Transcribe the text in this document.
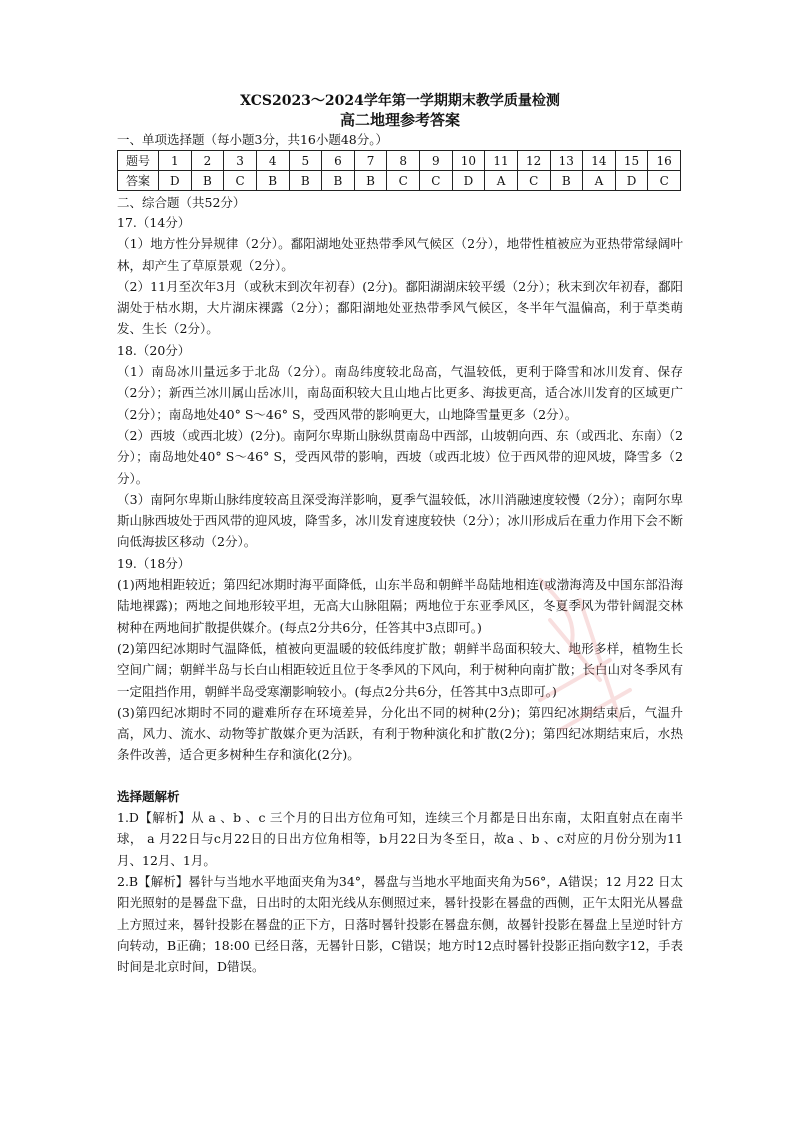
XCS2023～2024学年第一学期期末教学质量检测
高二地理参考答案
一、单项选择题（每小题3分，共16小题48分。）
题号	1	2	3	4	5	6	7	8	9	10	11	12	13	14	15	16
答案	D	B	C	B	B	B	B	C	C	D	A	C	B	A	D	C
二、综合题（共52分）
17.（14分）
（1）地方性分异规律（2分）。鄱阳湖地处亚热带季风气候区（2分），地带性植被应为亚热带常绿阔叶林，却产生了草原景观（2分）。
（2）11月至次年3月（或秋末到次年初春）(2分)。鄱阳湖湖床较平缓（2分）；秋末到次年初春，鄱阳湖处于枯水期，大片湖床裸露（2分）；鄱阳湖地处亚热带季风气候区，冬半年气温偏高，利于草类萌发、生长（2分）。
18.（20分）
（1）南岛冰川量远多于北岛（2分）。南岛纬度较北岛高，气温较低，更利于降雪和冰川发育、保存（2分）；新西兰冰川属山岳冰川，南岛面积较大且山地占比更多、海拔更高，适合冰川发育的区域更广（2分）；南岛地处40° S～46° S，受西风带的影响更大，山地降雪量更多（2分）。
（2）西坡（或西北坡）(2分)。南阿尔卑斯山脉纵贯南岛中西部，山坡朝向西、东（或西北、东南）（2分）；南岛地处40° S～46° S，受西风带的影响，西坡（或西北坡）位于西风带的迎风坡，降雪多（2分）。
（3）南阿尔卑斯山脉纬度较高且深受海洋影响，夏季气温较低，冰川消融速度较慢（2分）；南阿尔卑斯山脉西坡处于西风带的迎风坡，降雪多，冰川发育速度较快（2分）；冰川形成后在重力作用下会不断向低海拔区移动（2分）。
19.（18分）
(1)两地相距较近；第四纪冰期时海平面降低，山东半岛和朝鲜半岛陆地相连(或渤海湾及中国东部沿海陆地裸露)；两地之间地形较平坦，无高大山脉阻隔；两地位于东亚季风区，冬夏季风为带针阔混交林树种在两地间扩散提供媒介。(每点2分共6分，任答其中3点即可。)
(2)第四纪冰期时气温降低，植被向更温暖的较低纬度扩散；朝鲜半岛面积较大、地形多样，植物生长空间广阔；朝鲜半岛与长白山相距较近且位于冬季风的下风向，利于树种向南扩散；长白山对冬季风有一定阻挡作用，朝鲜半岛受寒潮影响较小。(每点2分共6分，任答其中3点即可。)
(3)第四纪冰期时不同的避难所存在环境差异，分化出不同的树种(2分)；第四纪冰期结束后，气温升高，风力、流水、动物等扩散媒介更为活跃，有利于物种演化和扩散(2分)；第四纪冰期结束后，水热条件改善，适合更多树种生存和演化(2分)。
选择题解析
1.D【解析】从 a 、b 、c 三个月的日出方位角可知，连续三个月都是日出东南，太阳直射点在南半球， a 月22日与c月22日的日出方位角相等，b月22日为冬至日，故a 、b 、c对应的月份分别为11月、12月、1月。
2.B【解析】晷针与当地水平地面夹角为34°，晷盘与当地水平地面夹角为56°，A错误；12 月22 日太阳光照射的是晷盘下盘，日出时的太阳光线从东侧照过来，晷针投影在晷盘的西侧，正午太阳光从晷盘上方照过来，晷针投影在晷盘的正下方，日落时晷针投影在晷盘东侧，故晷针投影在晷盘上呈逆时针方向转动，B正确；18:00 已经日落，无晷针日影，C错误；地方时12点时晷针投影正指向数字12，手表时间是北京时间，D错误。
